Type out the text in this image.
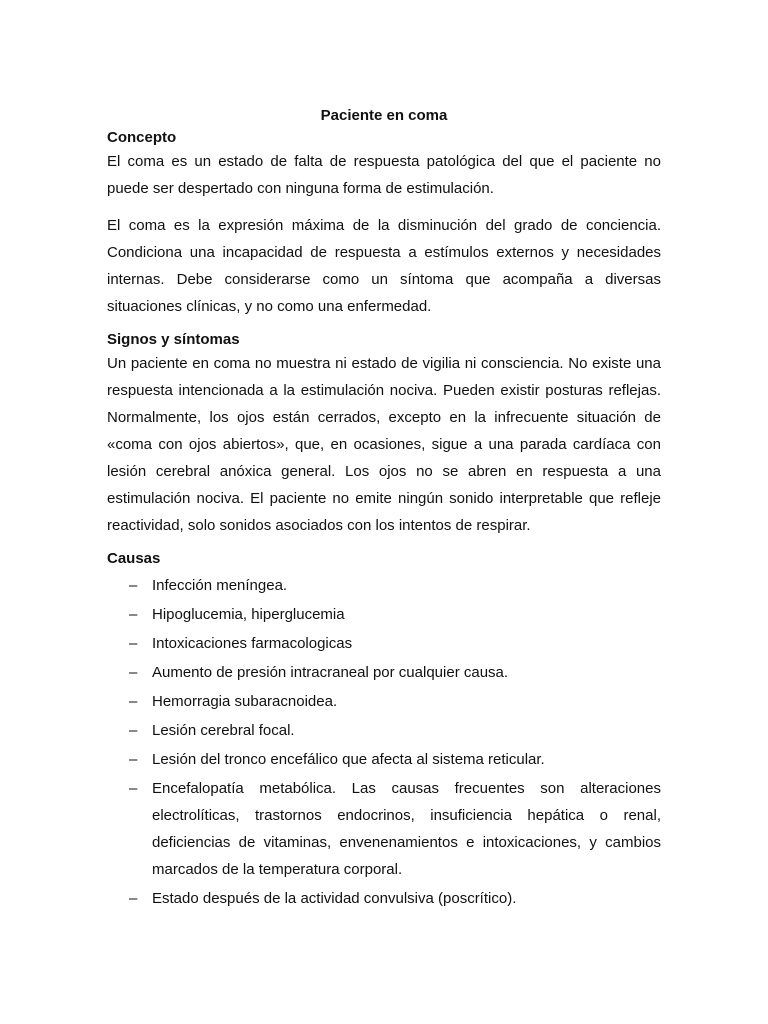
Paciente en coma
Concepto

El coma es un estado de falta de respuesta patológica del que el paciente no puede ser despertado con ninguna forma de estimulación.

El coma es la expresión máxima de la disminución del grado de conciencia. Condiciona una incapacidad de respuesta a estímulos externos y necesidades internas. Debe considerarse como un síntoma que acompaña a diversas situaciones clínicas, y no como una enfermedad.

Signos y síntomas

Un paciente en coma no muestra ni estado de vigilia ni consciencia. No existe una respuesta intencionada a la estimulación nociva. Pueden existir posturas reflejas. Normalmente, los ojos están cerrados, excepto en la infrecuente situación de «coma con ojos abiertos», que, en ocasiones, sigue a una parada cardíaca con lesión cerebral anóxica general. Los ojos no se abren en respuesta a una estimulación nociva. El paciente no emite ningún sonido interpretable que refleje reactividad, solo sonidos asociados con los intentos de respirar.

Causas
– Infección meníngea.
– Hipoglucemia, hiperglucemia
– Intoxicaciones farmacologicas
– Aumento de presión intracraneal por cualquier causa.
– Hemorragia subaracnoidea.
– Lesión cerebral focal.
– Lesión del tronco encefálico que afecta al sistema reticular.
– Encefalopatía metabólica. Las causas frecuentes son alteraciones electrolíticas, trastornos endocrinos, insuficiencia hepática o renal, deficiencias de vitaminas, envenenamientos e intoxicaciones, y cambios marcados de la temperatura corporal.
– Estado después de la actividad convulsiva (poscrítico).
